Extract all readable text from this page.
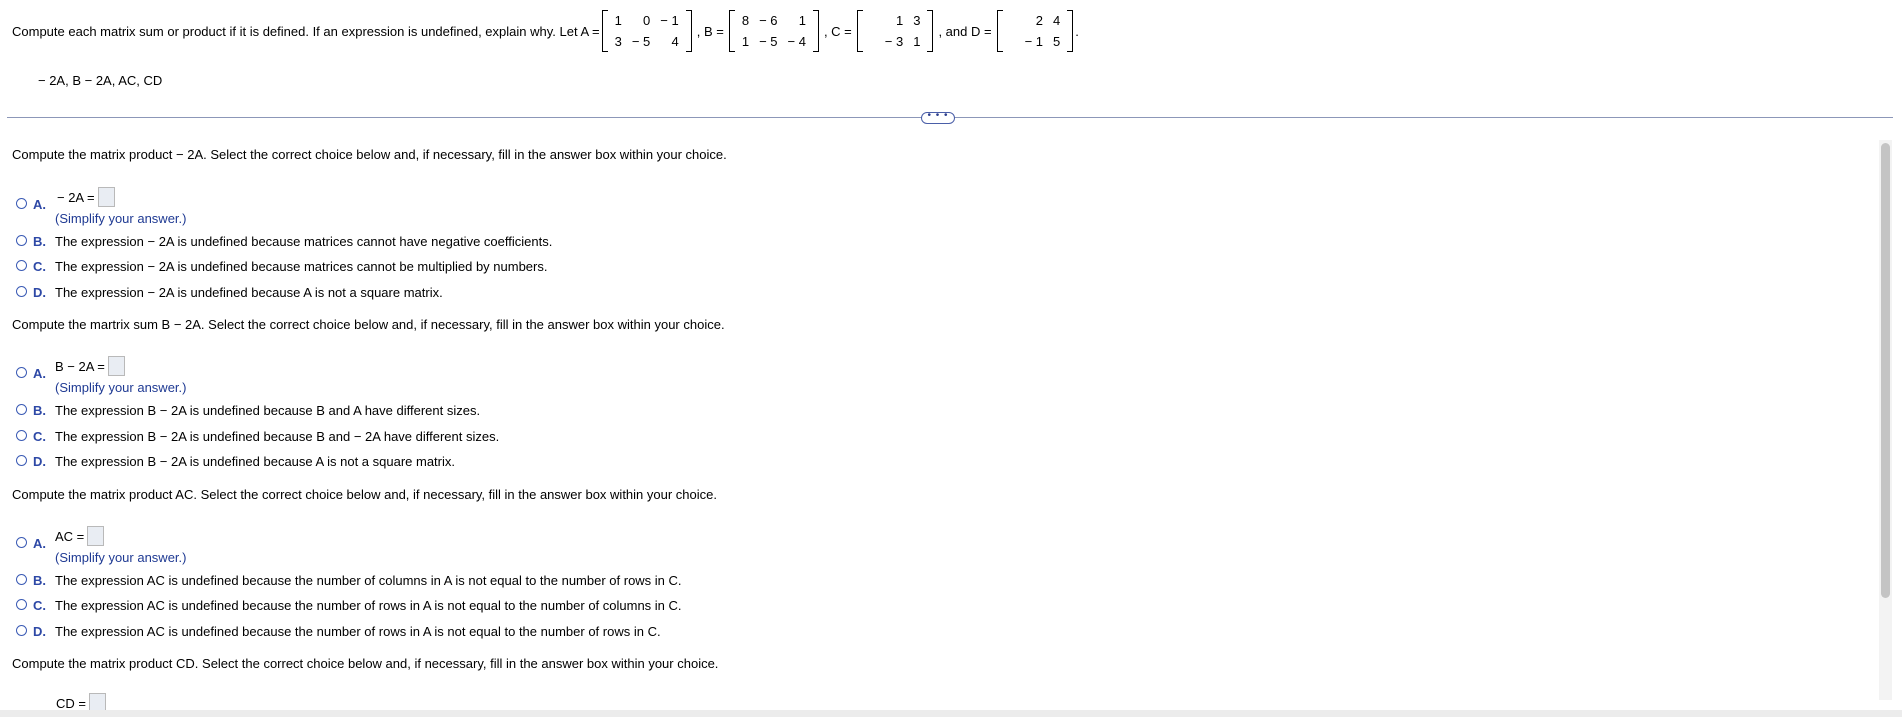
Compute each matrix sum or product if it is defined. If an expression is undefined, explain why. Let A =
1	0	− 1
3	− 5	4
, B =
8	− 6	1
1	− 5	− 4
, C =
1	3
− 3	1
, and D =
2	4
− 1	5
.
− 2A, B − 2A, AC, CD
• • •
Compute the matrix product − 2A. Select the correct choice below and, if necessary, fill in the answer box within your choice.
A. − 2A =
(Simplify your answer.)
B. The expression − 2A is undefined because matrices cannot have negative coefficients.
C. The expression − 2A is undefined because matrices cannot be multiplied by numbers.
D. The expression − 2A is undefined because A is not a square matrix.
Compute the martrix sum B − 2A. Select the correct choice below and, if necessary, fill in the answer box within your choice.
A. B − 2A =
(Simplify your answer.)
B. The expression B − 2A is undefined because B and A have different sizes.
C. The expression B − 2A is undefined because B and − 2A have different sizes.
D. The expression B − 2A is undefined because A is not a square matrix.
Compute the matrix product AC. Select the correct choice below and, if necessary, fill in the answer box within your choice.
A. AC =
(Simplify your answer.)
B. The expression AC is undefined because the number of columns in A is not equal to the number of rows in C.
C. The expression AC is undefined because the number of rows in A is not equal to the number of columns in C.
D. The expression AC is undefined because the number of rows in A is not equal to the number of rows in C.
Compute the matrix product CD. Select the correct choice below and, if necessary, fill in the answer box within your choice.
CD =
